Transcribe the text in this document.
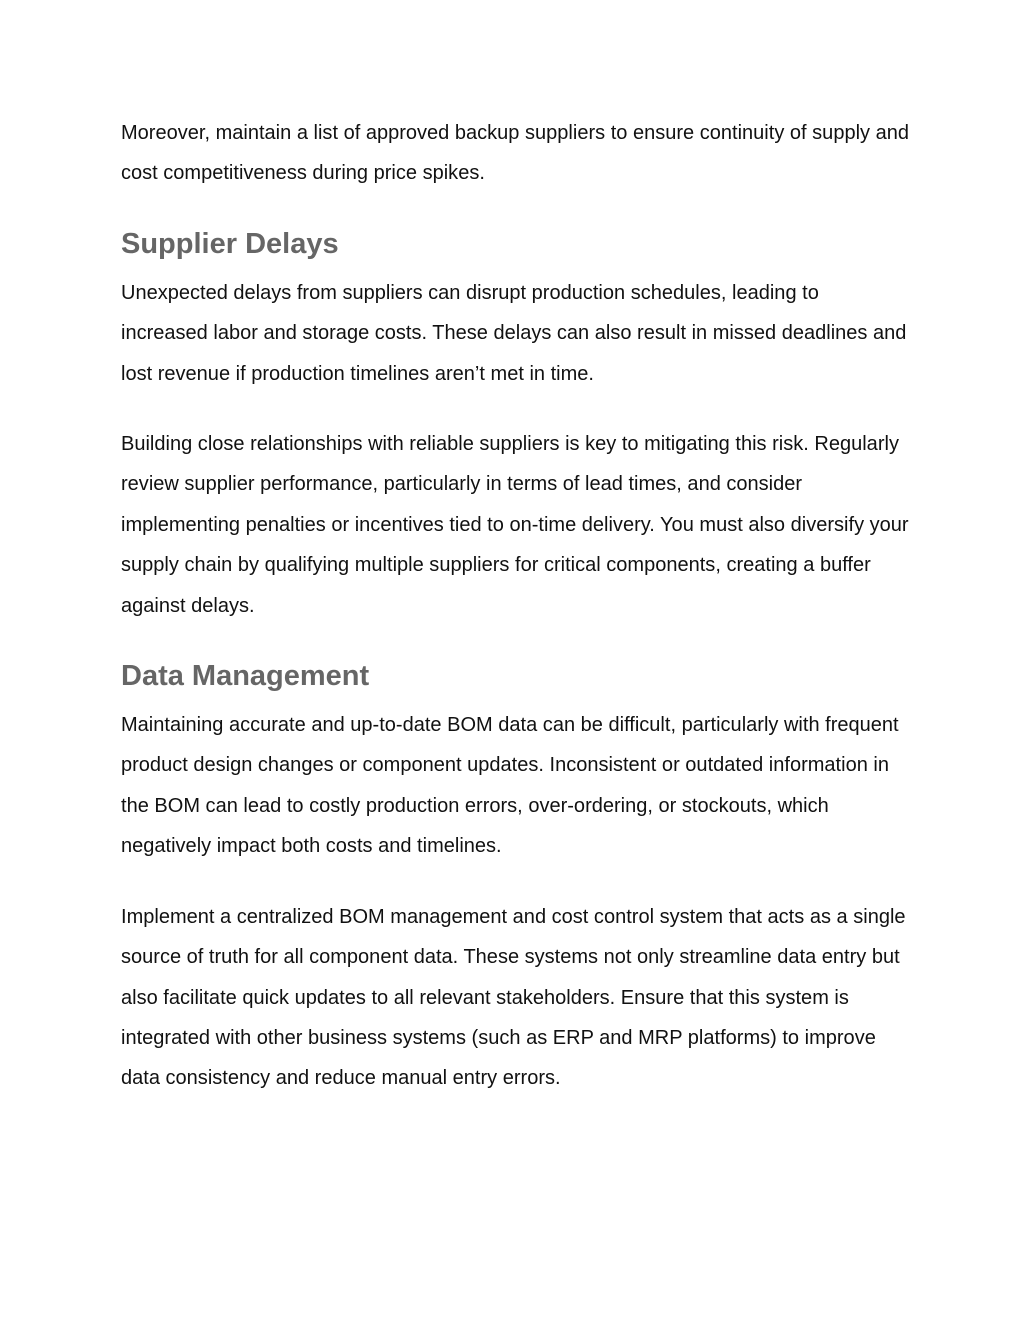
Moreover, maintain a list of approved backup suppliers to ensure continuity of supply and cost competitiveness during price spikes.

Supplier Delays

Unexpected delays from suppliers can disrupt production schedules, leading to increased labor and storage costs. These delays can also result in missed deadlines and lost revenue if production timelines aren’t met in time.

Building close relationships with reliable suppliers is key to mitigating this risk. Regularly review supplier performance, particularly in terms of lead times, and consider implementing penalties or incentives tied to on-time delivery. You must also diversify your supply chain by qualifying multiple suppliers for critical components, creating a buffer against delays.

Data Management

Maintaining accurate and up-to-date BOM data can be difficult, particularly with frequent product design changes or component updates. Inconsistent or outdated information in the BOM can lead to costly production errors, over-ordering, or stockouts, which negatively impact both costs and timelines.

Implement a centralized BOM management and cost control system that acts as a single source of truth for all component data. These systems not only streamline data entry but also facilitate quick updates to all relevant stakeholders. Ensure that this system is integrated with other business systems (such as ERP and MRP platforms) to improve data consistency and reduce manual entry errors.
